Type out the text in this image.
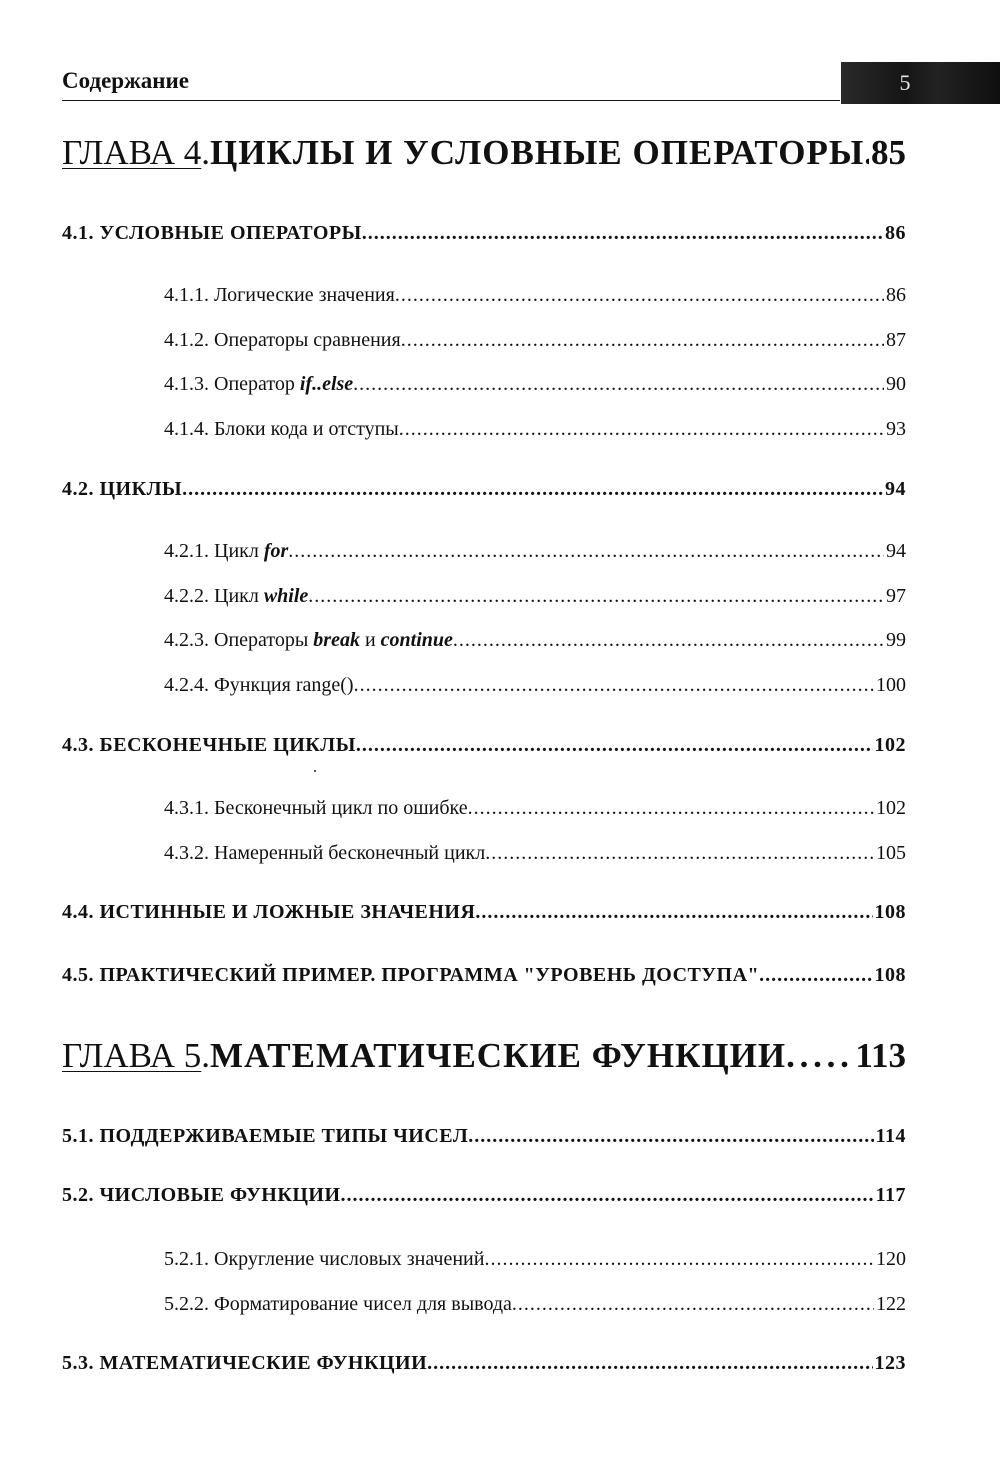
Содержание	5
ГЛАВА 4 . ЦИКЛЫ И УСЛОВНЫЕ ОПЕРАТОРЫ . . . 85
4.1. УСЛОВНЫЕ ОПЕРАТОРЫ . . .	86
4.1.1. Логические значения . . .	86
4.1.2. Операторы сравнения . . .	87
4.1.3. Оператор if..else . . .	90
4.1.4. Блоки кода и отступы . . .	93
4.2. ЦИКЛЫ . . .	94
4.2.1. Цикл for . . .	94
4.2.2. Цикл while . . .	97
4.2.3. Операторы break и continue . . .	99
4.2.4. Функция range() . . .	100
4.3. БЕСКОНЕЧНЫЕ ЦИКЛЫ . . .	102
4.3.1. Бесконечный цикл по ошибке . . .	102
4.3.2. Намеренный бесконечный цикл . . .	105
4.4. ИСТИННЫЕ И ЛОЖНЫЕ ЗНАЧЕНИЯ . . .	108
4.5. ПРАКТИЧЕСКИЙ ПРИМЕР. ПРОГРАММА "УРОВЕНЬ ДОСТУПА" . . .	108
ГЛАВА 5 . МАТЕМАТИЧЕСКИЕ ФУНКЦИИ . . . 113
5.1. ПОДДЕРЖИВАЕМЫЕ ТИПЫ ЧИСЕЛ . . .	114
5.2. ЧИСЛОВЫЕ ФУНКЦИИ . . .	117
5.2.1. Округление числовых значений . . .	120
5.2.2. Форматирование чисел для вывода . . .	122
5.3. МАТЕМАТИЧЕСКИЕ ФУНКЦИИ . . .	123
